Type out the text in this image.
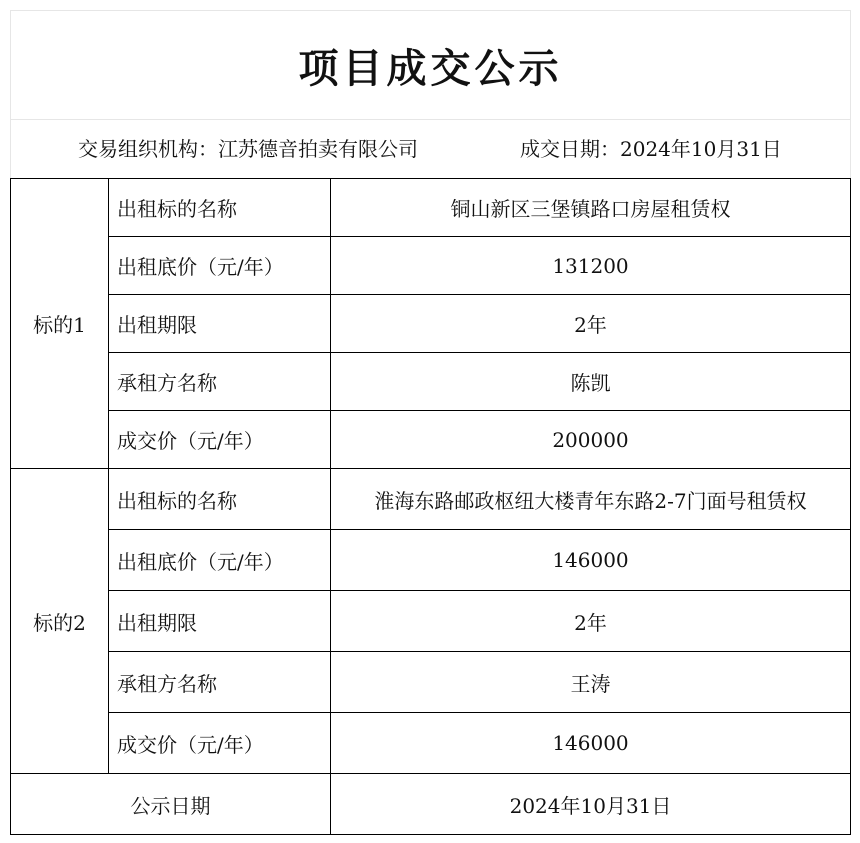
项目成交公示
交易组织机构：江苏德音拍卖有限公司	成交日期：2024年10月31日
标的1	出租标的名称	铜山新区三堡镇路口房屋租赁权
	出租底价（元/年）	131200
	出租期限	2年
	承租方名称	陈凯
	成交价（元/年）	200000
标的2	出租标的名称	淮海东路邮政枢纽大楼青年东路2-7门面号租赁权
	出租底价（元/年）	146000
	出租期限	2年
	承租方名称	王涛
	成交价（元/年）	146000
公示日期		2024年10月31日
